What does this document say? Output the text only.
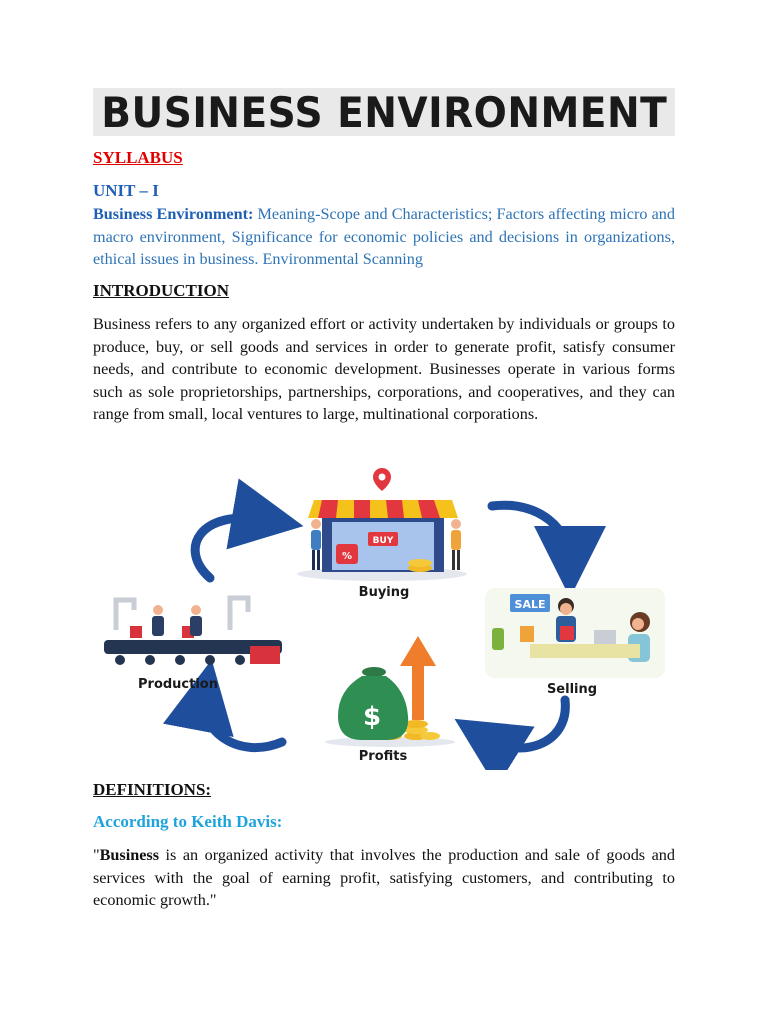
BUSINESS ENVIRONMENT
SYLLABUS
UNIT – I
Business Environment: Meaning-Scope and Characteristics; Factors affecting micro and macro environment, Significance for economic policies and decisions in organizations, ethical issues in business. Environmental Scanning
INTRODUCTION
Business refers to any organized effort or activity undertaken by individuals or groups to produce, buy, or sell goods and services in order to generate profit, satisfy consumer needs, and contribute to economic development. Businesses operate in various forms such as sole proprietorships, partnerships, corporations, and cooperatives, and they can range from small, local ventures to large, multinational corporations.
BUY
%
Buying
Production
SALE
Selling
$
Profits
DEFINITIONS:
According to Keith Davis:
"Business is an organized activity that involves the production and sale of goods and services with the goal of earning profit, satisfying customers, and contributing to economic growth."
